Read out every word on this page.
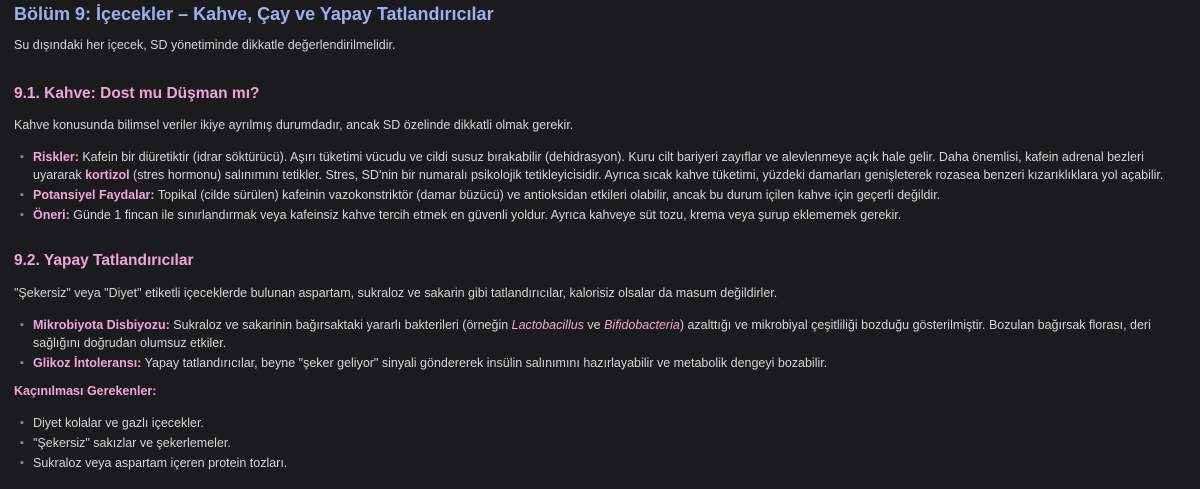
Bölüm 9: İçecekler – Kahve, Çay ve Yapay Tatlandırıcılar

Su dışındaki her içecek, SD yönetiminde dikkatle değerlendirilmelidir.

9.1. Kahve: Dost mu Düşman mı?

Kahve konusunda bilimsel veriler ikiye ayrılmış durumdadır, ancak SD özelinde dikkatli olmak gerekir.

▪ Riskler: Kafein bir diüretiktir (idrar söktürücü). Aşırı tüketimi vücudu ve cildi susuz bırakabilir (dehidrasyon). Kuru cilt bariyeri zayıflar ve alevlenmeye açık hale gelir. Daha önemlisi, kafein adrenal bezleri uyararak kortizol (stres hormonu) salınımını tetikler. Stres, SD'nin bir numaralı psikolojik tetikleyicisidir. Ayrıca sıcak kahve tüketimi, yüzdeki damarları genişleterek rozasea benzeri kızarıklıklara yol açabilir.
▪ Potansiyel Faydalar: Topikal (cilde sürülen) kafeinin vazokonstriktör (damar büzücü) ve antioksidan etkileri olabilir, ancak bu durum içilen kahve için geçerli değildir.
▪ Öneri: Günde 1 fincan ile sınırlandırmak veya kafeinsiz kahve tercih etmek en güvenli yoldur. Ayrıca kahveye süt tozu, krema veya şurup eklememek gerekir.
9.2. Yapay Tatlandırıcılar

"Şekersiz" veya "Diyet" etiketli içeceklerde bulunan aspartam, sukraloz ve sakarin gibi tatlandırıcılar, kalorisiz olsalar da masum değildirler.

▪ Mikrobiyota Disbiyozu: Sukraloz ve sakarinin bağırsaktaki yararlı bakterileri (örneğin Lactobacillus ve Bifidobacteria) azalttığı ve mikrobiyal çeşitliliği bozduğu gösterilmiştir. Bozulan bağırsak florası, deri sağlığını doğrudan olumsuz etkiler.
▪ Glikoz İntoleransı: Yapay tatlandırıcılar, beyne "şeker geliyor" sinyali göndererek insülin salınımını hazırlayabilir ve metabolik dengeyi bozabilir.

Kaçınılması Gerekenler:

▪ Diyet kolalar ve gazlı içecekler.
▪ "Şekersiz" sakızlar ve şekerlemeler.
▪ Sukraloz veya aspartam içeren protein tozları.
